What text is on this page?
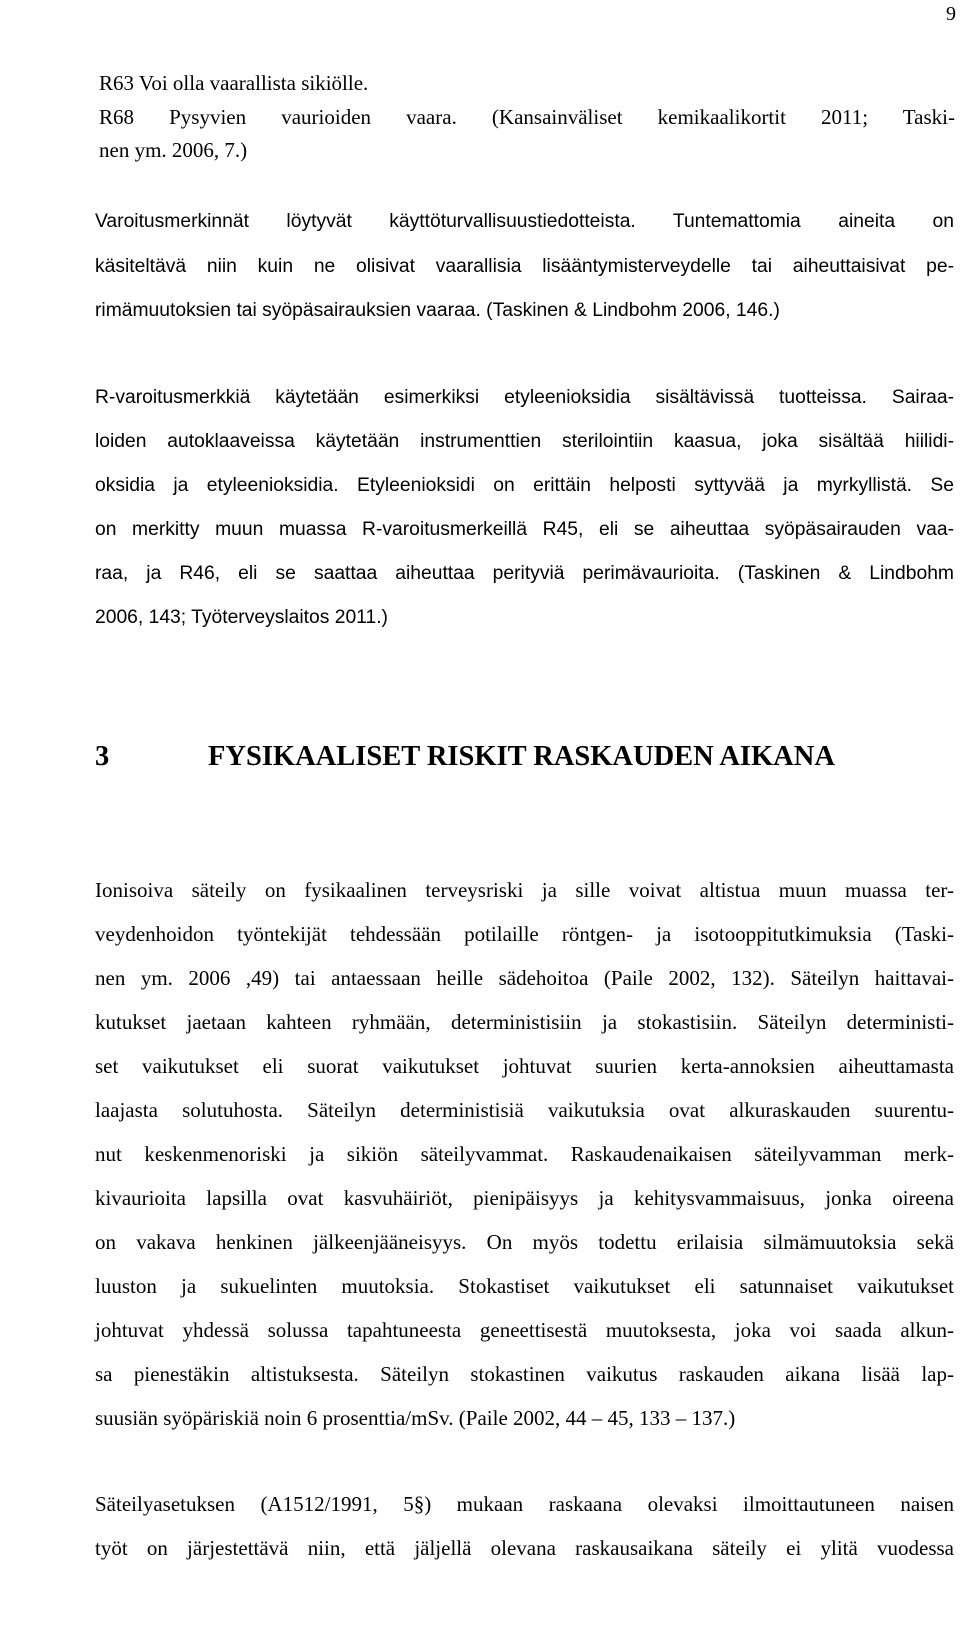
9
R63 Voi olla vaarallista sikiölle.
R68 Pysyvien vaurioiden vaara. (Kansainväliset kemikaalikortit 2011; Taski-
nen ym. 2006, 7.)
Varoitusmerkinnät löytyvät käyttöturvallisuustiedotteista. Tuntemattomia aineita on
käsiteltävä niin kuin ne olisivat vaarallisia lisääntymisterveydelle tai aiheuttaisivat pe-
rimämuutoksien tai syöpäsairauksien vaaraa. (Taskinen & Lindbohm 2006, 146.)
R-varoitusmerkkiä käytetään esimerkiksi etyleenioksidia sisältävissä tuotteissa. Sairaa-
loiden autoklaaveissa käytetään instrumenttien sterilointiin kaasua, joka sisältää hiilidi-
oksidia ja etyleenioksidia. Etyleenioksidi on erittäin helposti syttyvää ja myrkyllistä. Se
on merkitty muun muassa R-varoitusmerkeillä R45, eli se aiheuttaa syöpäsairauden vaa-
raa, ja R46, eli se saattaa aiheuttaa perityviä perimävaurioita. (Taskinen & Lindbohm
2006, 143; Työterveyslaitos 2011.)
3	FYSIKAALISET RISKIT RASKAUDEN AIKANA
Ionisoiva säteily on fysikaalinen terveysriski ja sille voivat altistua muun muassa ter-
veydenhoidon työntekijät tehdessään potilaille röntgen- ja isotooppitutkimuksia (Taski-
nen ym. 2006 ,49) tai antaessaan heille sädehoitoa (Paile 2002, 132). Säteilyn haittavai-
kutukset jaetaan kahteen ryhmään, deterministisiin ja stokastisiin. Säteilyn deterministi-
set vaikutukset eli suorat vaikutukset johtuvat suurien kerta-annoksien aiheuttamasta
laajasta solutuhosta. Säteilyn deterministisiä vaikutuksia ovat alkuraskauden suurentu-
nut keskenmenoriski ja sikiön säteilyvammat. Raskaudenaikaisen säteilyvamman merk-
kivaurioita lapsilla ovat kasvuhäiriöt, pienipäisyys ja kehitysvammaisuus, jonka oireena
on vakava henkinen jälkeenjääneisyys. On myös todettu erilaisia silmämuutoksia sekä
luuston ja sukuelinten muutoksia. Stokastiset vaikutukset eli satunnaiset vaikutukset
johtuvat yhdessä solussa tapahtuneesta geneettisestä muutoksesta, joka voi saada alkun-
sa pienestäkin altistuksesta. Säteilyn stokastinen vaikutus raskauden aikana lisää lap-
suusiän syöpäriskiä noin 6 prosenttia/mSv. (Paile 2002, 44 – 45, 133 – 137.)
Säteilyasetuksen (A1512/1991, 5§) mukaan raskaana olevaksi ilmoittautuneen naisen
työt on järjestettävä niin, että jäljellä olevana raskausaikana säteily ei ylitä vuodessa
